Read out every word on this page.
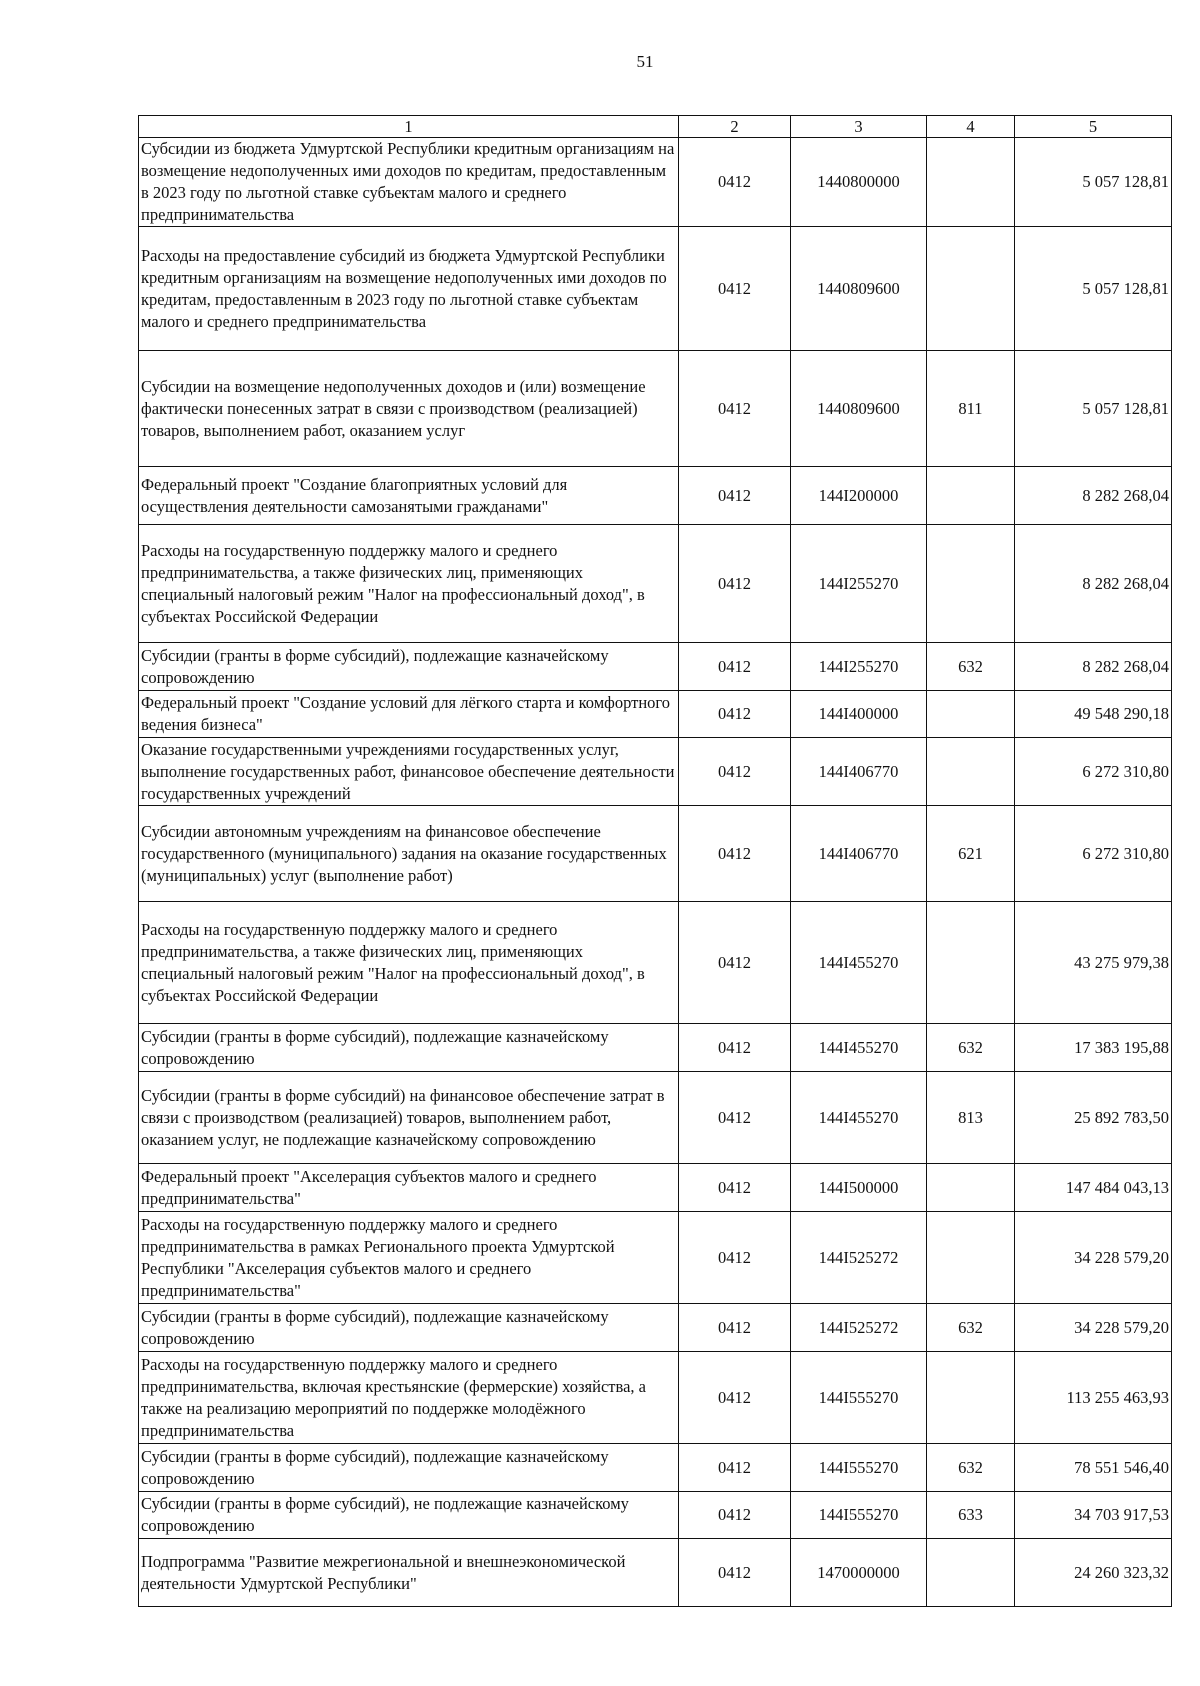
51
1	2	3	4	5
Субсидии из бюджета Удмуртской Республики кредитным организациям на возмещение недополученных ими доходов по кредитам, предоставленным в 2023 году по льготной ставке субъектам малого и среднего предпринимательства	0412	1440800000		5 057 128,81
Расходы на предоставление субсидий из бюджета Удмуртской Республики кредитным организациям на возмещение недополученных ими доходов по кредитам, предоставленным в 2023 году по льготной ставке субъектам малого и среднего предпринимательства	0412	1440809600		5 057 128,81
Субсидии на возмещение недополученных доходов и (или) возмещение фактически понесенных затрат в связи с производством (реализацией) товаров, выполнением работ, оказанием услуг	0412	1440809600	811	5 057 128,81
Федеральный проект "Создание благоприятных условий для осуществления деятельности самозанятыми гражданами"	0412	144I200000		8 282 268,04
Расходы на государственную поддержку малого и среднего предпринимательства, а также физических лиц, применяющих специальный налоговый режим "Налог на профессиональный доход", в субъектах Российской Федерации	0412	144I255270		8 282 268,04
Субсидии (гранты в форме субсидий), подлежащие казначейскому сопровождению	0412	144I255270	632	8 282 268,04
Федеральный проект "Создание условий для лёгкого старта и комфортного ведения бизнеса"	0412	144I400000		49 548 290,18
Оказание государственными учреждениями государственных услуг, выполнение государственных работ, финансовое обеспечение деятельности государственных учреждений	0412	144I406770		6 272 310,80
Субсидии автономным учреждениям на финансовое обеспечение государственного (муниципального) задания на оказание государственных (муниципальных) услуг (выполнение работ)	0412	144I406770	621	6 272 310,80
Расходы на государственную поддержку малого и среднего предпринимательства, а также физических лиц, применяющих специальный налоговый режим "Налог на профессиональный доход", в субъектах Российской Федерации	0412	144I455270		43 275 979,38
Субсидии (гранты в форме субсидий), подлежащие казначейскому сопровождению	0412	144I455270	632	17 383 195,88
Субсидии (гранты в форме субсидий) на финансовое обеспечение затрат в связи с производством (реализацией) товаров, выполнением работ, оказанием услуг, не подлежащие казначейскому сопровождению	0412	144I455270	813	25 892 783,50
Федеральный проект "Акселерация субъектов малого и среднего предпринимательства"	0412	144I500000		147 484 043,13
Расходы на государственную поддержку малого и среднего предпринимательства в рамках Регионального проекта Удмуртской Республики "Акселерация субъектов малого и среднего предпринимательства"	0412	144I525272		34 228 579,20
Субсидии (гранты в форме субсидий), подлежащие казначейскому сопровождению	0412	144I525272	632	34 228 579,20
Расходы на государственную поддержку малого и среднего предпринимательства, включая крестьянские (фермерские) хозяйства, а также на реализацию мероприятий по поддержке молодёжного предпринимательства	0412	144I555270		113 255 463,93
Субсидии (гранты в форме субсидий), подлежащие казначейскому сопровождению	0412	144I555270	632	78 551 546,40
Субсидии (гранты в форме субсидий), не подлежащие казначейскому сопровождению	0412	144I555270	633	34 703 917,53
Подпрограмма "Развитие межрегиональной и внешнеэкономической деятельности Удмуртской Республики"	0412	1470000000		24 260 323,32
